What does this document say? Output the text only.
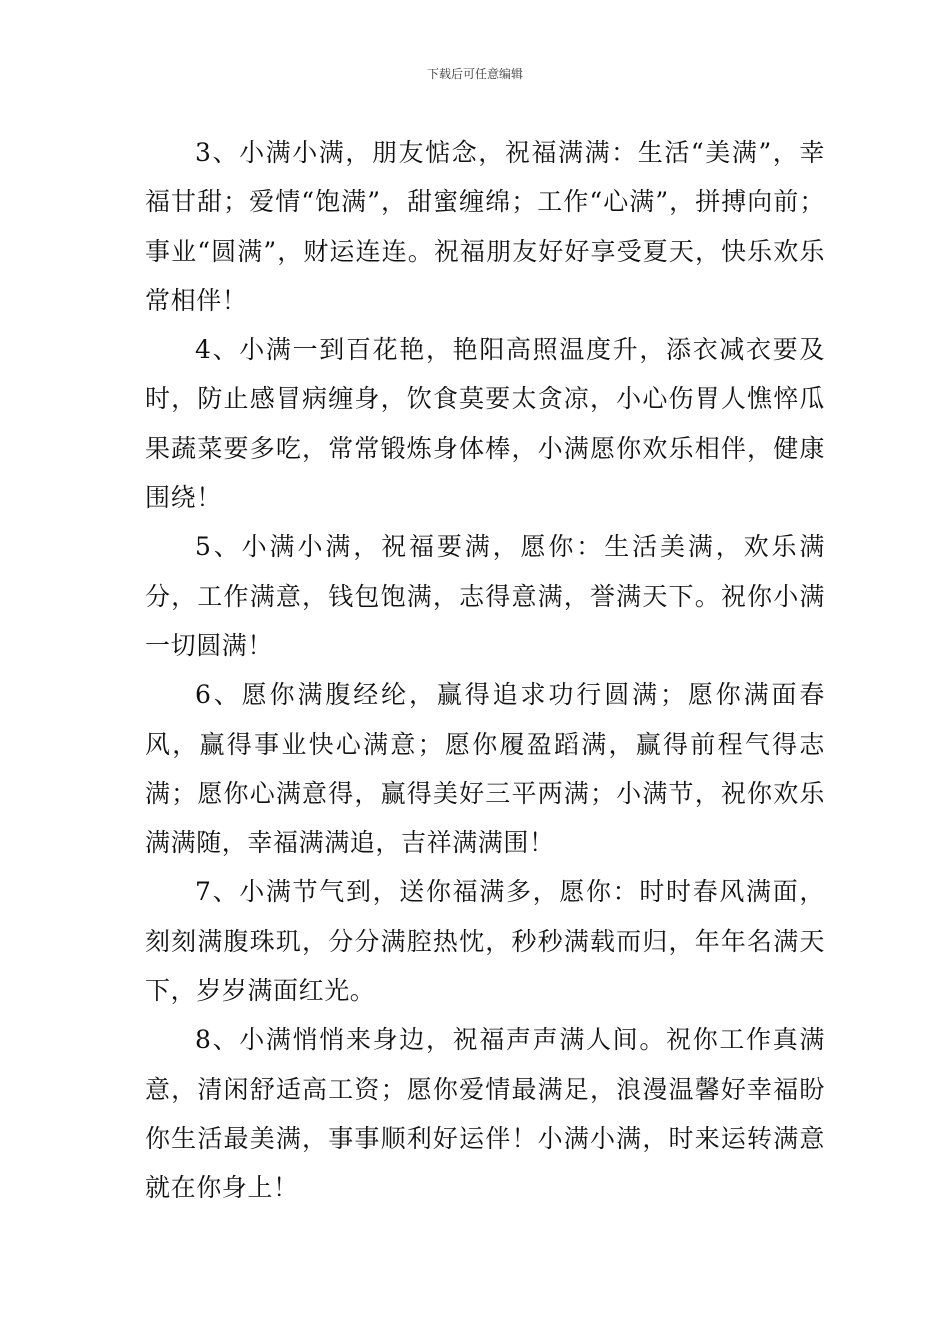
下载后可任意编辑

3、小满小满，朋友惦念，祝福满满：生活“美满”，幸福甘甜；爱情“饱满”，甜蜜缠绵；工作“心满”，拼搏向前；事业“圆满”，财运连连。祝福朋友好好享受夏天，快乐欢乐常相伴！

4、小满一到百花艳，艳阳高照温度升，添衣减衣要及时，防止感冒病缠身，饮食莫要太贪凉，小心伤胃人憔悴瓜果蔬菜要多吃，常常锻炼身体棒，小满愿你欢乐相伴，健康围绕！

5、小满小满，祝福要满，愿你：生活美满，欢乐满分，工作满意，钱包饱满，志得意满，誉满天下。祝你小满一切圆满！

6、愿你满腹经纶，赢得追求功行圆满；愿你满面春风，赢得事业快心满意；愿你履盈蹈满，赢得前程气得志满；愿你心满意得，赢得美好三平两满；小满节，祝你欢乐满满随，幸福满满追，吉祥满满围！

7、小满节气到，送你福满多，愿你：时时春风满面，刻刻满腹珠玑，分分满腔热忱，秒秒满载而归，年年名满天下，岁岁满面红光。

8、小满悄悄来身边，祝福声声满人间。祝你工作真满意，清闲舒适高工资；愿你爱情最满足，浪漫温馨好幸福盼你生活最美满，事事顺利好运伴！小满小满，时来运转满意就在你身上！
